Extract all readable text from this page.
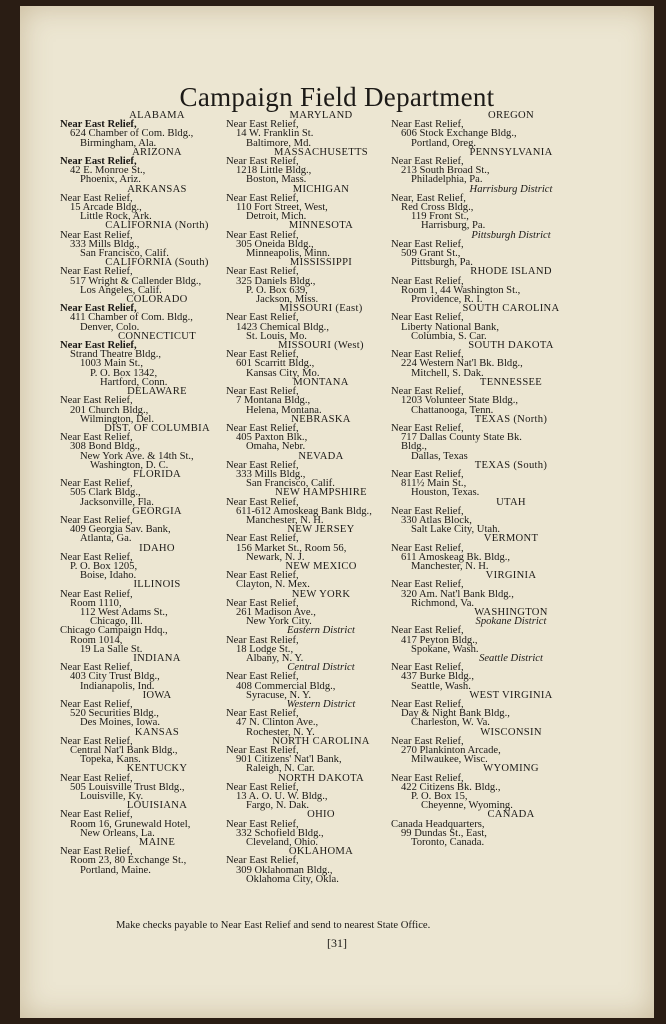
Campaign Field Department
ALABAMA
Near East Relief,
624 Chamber of Com. Bldg.,
Birmingham, Ala.
ARIZONA
Near East Relief,
42 E. Monroe St.,
Phoenix, Ariz.
ARKANSAS
Near East Relief,
15 Arcade Bldg.,
Little Rock, Ark.
CALIFORNIA (North)
Near East Relief,
333 Mills Bldg.,
San Francisco, Calif.
CALIFORNIA (South)
Near East Relief,
517 Wright & Callender Bldg.,
Los Angeles, Calif.
COLORADO
Near East Relief,
411 Chamber of Com. Bldg.,
Denver, Colo.
CONNECTICUT
Near East Relief,
Strand Theatre Bldg.,
1003 Main St.,
P. O. Box 1342,
Hartford, Conn.
DELAWARE
Near East Relief,
201 Church Bldg.,
Wilmington, Del.
DIST. OF COLUMBIA
Near East Relief,
308 Bond Bldg.,
New York Ave. & 14th St.,
Washington, D. C.
FLORIDA
Near East Relief,
505 Clark Bldg.,
Jacksonville, Fla.
GEORGIA
Near East Relief,
409 Georgia Sav. Bank,
Atlanta, Ga.
IDAHO
Near East Relief,
P. O. Box 1205,
Boise, Idaho.
ILLINOIS
Near East Relief,
Room 1110,
112 West Adams St.,
Chicago, Ill.
Chicago Campaign Hdq.,
Room 1014,
19 La Salle St.
INDIANA
Near East Relief,
403 City Trust Bldg.,
Indianapolis, Ind.
IOWA
Near East Relief,
520 Securities Bldg.,
Des Moines, Iowa.
KANSAS
Near East Relief,
Central Nat'l Bank Bldg.,
Topeka, Kans.
KENTUCKY
Near East Relief,
505 Louisville Trust Bldg.,
Louisville, Ky.
LOUISIANA
Near East Relief,
Room 16, Grunewald Hotel,
New Orleans, La.
MAINE
Near East Relief,
Room 23, 80 Exchange St.,
Portland, Maine.
MARYLAND
Near East Relief,
14 W. Franklin St.
Baltimore, Md.
MASSACHUSETTS
Near East Relief,
1218 Little Bldg.,
Boston, Mass.
MICHIGAN
Near East Relief,
110 Fort Street, West,
Detroit, Mich.
MINNESOTA
Near East Relief,
305 Oneida Bldg.,
Minneapolis, Minn.
MISSISSIPPI
Near East Relief,
325 Daniels Bldg.,
P. O. Box 639,
Jackson, Miss.
MISSOURI (East)
Near East Relief,
1423 Chemical Bldg.,
St. Louis, Mo.
MISSOURI (West)
Near East Relief,
601 Scarritt Bldg.,
Kansas City, Mo.
MONTANA
Near East Relief,
7 Montana Bldg.,
Helena, Montana.
NEBRASKA
Near East Relief,
405 Paxton Blk.,
Omaha, Nebr.
NEVADA
Near East Relief,
333 Mills Bldg.,
San Francisco, Calif.
NEW HAMPSHIRE
Near East Relief,
611-612 Amoskeag Bank Bldg.,
Manchester, N. H.
NEW JERSEY
Near East Relief,
156 Market St., Room 56,
Newark, N. J.
NEW MEXICO
Near East Relief,
Clayton, N. Mex.
NEW YORK
Near East Relief,
261 Madison Ave.,
New York City.
Eastern District
Near East Relief,
18 Lodge St.,
Albany, N. Y.
Central District
Near East Relief,
408 Commercial Bldg.,
Syracuse, N. Y.
Western District
Near East Relief,
47 N. Clinton Ave.,
Rochester, N. Y.
NORTH CAROLINA
Near East Relief,
901 Citizens' Nat'l Bank,
Raleigh, N. Car.
NORTH DAKOTA
Near East Relief,
13 A. O. U. W. Bldg.,
Fargo, N. Dak.
OHIO
Near East Relief,
332 Schofield Bldg.,
Cleveland, Ohio.
OKLAHOMA
Near East Relief,
309 Oklahoman Bldg.,
Oklahoma City, Okla.
OREGON
Near East Relief,
606 Stock Exchange Bldg.,
Portland, Oreg.
PENNSYLVANIA
Near East Relief,
213 South Broad St.,
Philadelphia, Pa.
Harrisburg District
Near, East Relief,
Red Cross Bldg.,
119 Front St.,
Harrisburg, Pa.
Pittsburgh District
Near East Relief,
509 Grant St.,
Pittsburgh, Pa.
RHODE ISLAND
Near East Relief,
Room 1, 44 Washington St.,
Providence, R. I.
SOUTH CAROLINA
Near East Relief,
Liberty National Bank,
Columbia, S. Car.
SOUTH DAKOTA
Near East Relief,
224 Western Nat'l Bk. Bldg.,
Mitchell, S. Dak.
TENNESSEE
Near East Relief,
1203 Volunteer State Bldg.,
Chattanooga, Tenn.
TEXAS (North)
Near East Relief,
717 Dallas County State Bk.
Bldg.,
Dallas, Texas
TEXAS (South)
Near East Relief,
811½ Main St.,
Houston, Texas.
UTAH
Near East Relief,
330 Atlas Block,
Salt Lake City, Utah.
VERMONT
Near East Relief,
611 Amoskeag Bk. Bldg.,
Manchester, N. H.
VIRGINIA
Near East Relief,
320 Am. Nat'l Bank Bldg.,
Richmond, Va.
WASHINGTON
Spokane District
Near East Relief,
417 Peyton Bldg.,
Spokane, Wash.
Seattle District
Near East Relief,
437 Burke Bldg.,
Seattle, Wash.
WEST VIRGINIA
Near East Relief,
Day & Night Bank Bldg.,
Charleston, W. Va.
WISCONSIN
Near East Relief,
270 Plankinton Arcade,
Milwaukee, Wisc.
WYOMING
Near East Relief,
422 Citizens Bk. Bldg.,
P. O. Box 15,
Cheyenne, Wyoming.
CANADA
Canada Headquarters,
99 Dundas St., East,
Toronto, Canada.
Make checks payable to Near East Relief and send to nearest State Office.
[31]
